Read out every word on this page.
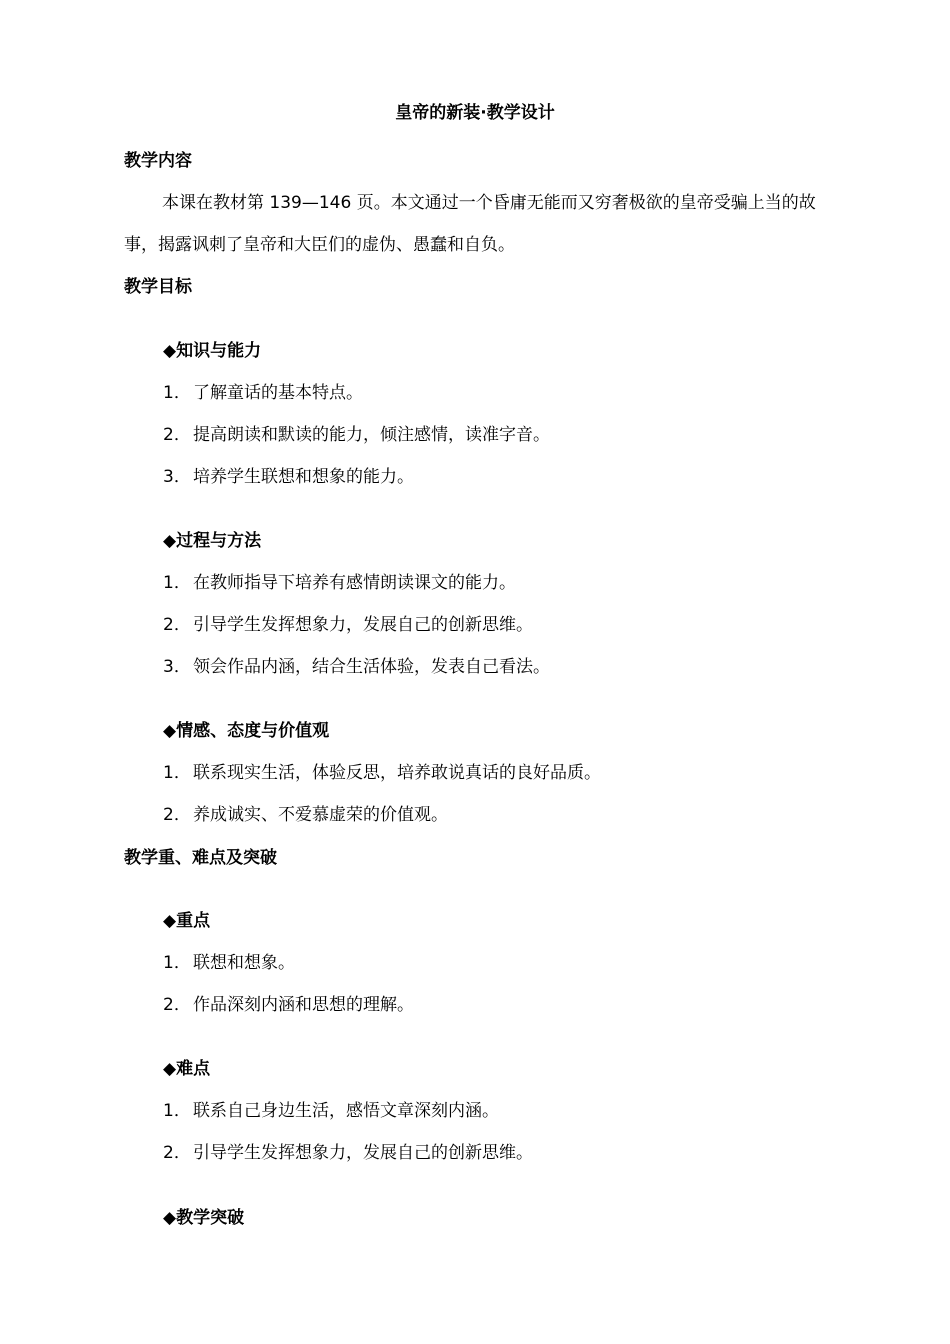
皇帝的新装·教学设计
教学内容

本课在教材第 139—146 页。本文通过一个昏庸无能而又穷奢极欲的皇帝受骗上当的故事，揭露讽刺了皇帝和大臣们的虚伪、愚蠢和自负。

教学目标
◆知识与能力
1． 了解童话的基本特点。
2． 提高朗读和默读的能力，倾注感情，读准字音。
3． 培养学生联想和想象的能力。
◆过程与方法
1． 在教师指导下培养有感情朗读课文的能力。
2． 引导学生发挥想象力，发展自己的创新思维。
3． 领会作品内涵，结合生活体验，发表自己看法。
◆情感、态度与价值观
1． 联系现实生活，体验反思，培养敢说真话的良好品质。
2． 养成诚实、不爱慕虚荣的价值观。
教学重、难点及突破
◆重点
1． 联想和想象。
2． 作品深刻内涵和思想的理解。
◆难点
1． 联系自己身边生活，感悟文章深刻内涵。
2． 引导学生发挥想象力，发展自己的创新思维。
◆教学突破
